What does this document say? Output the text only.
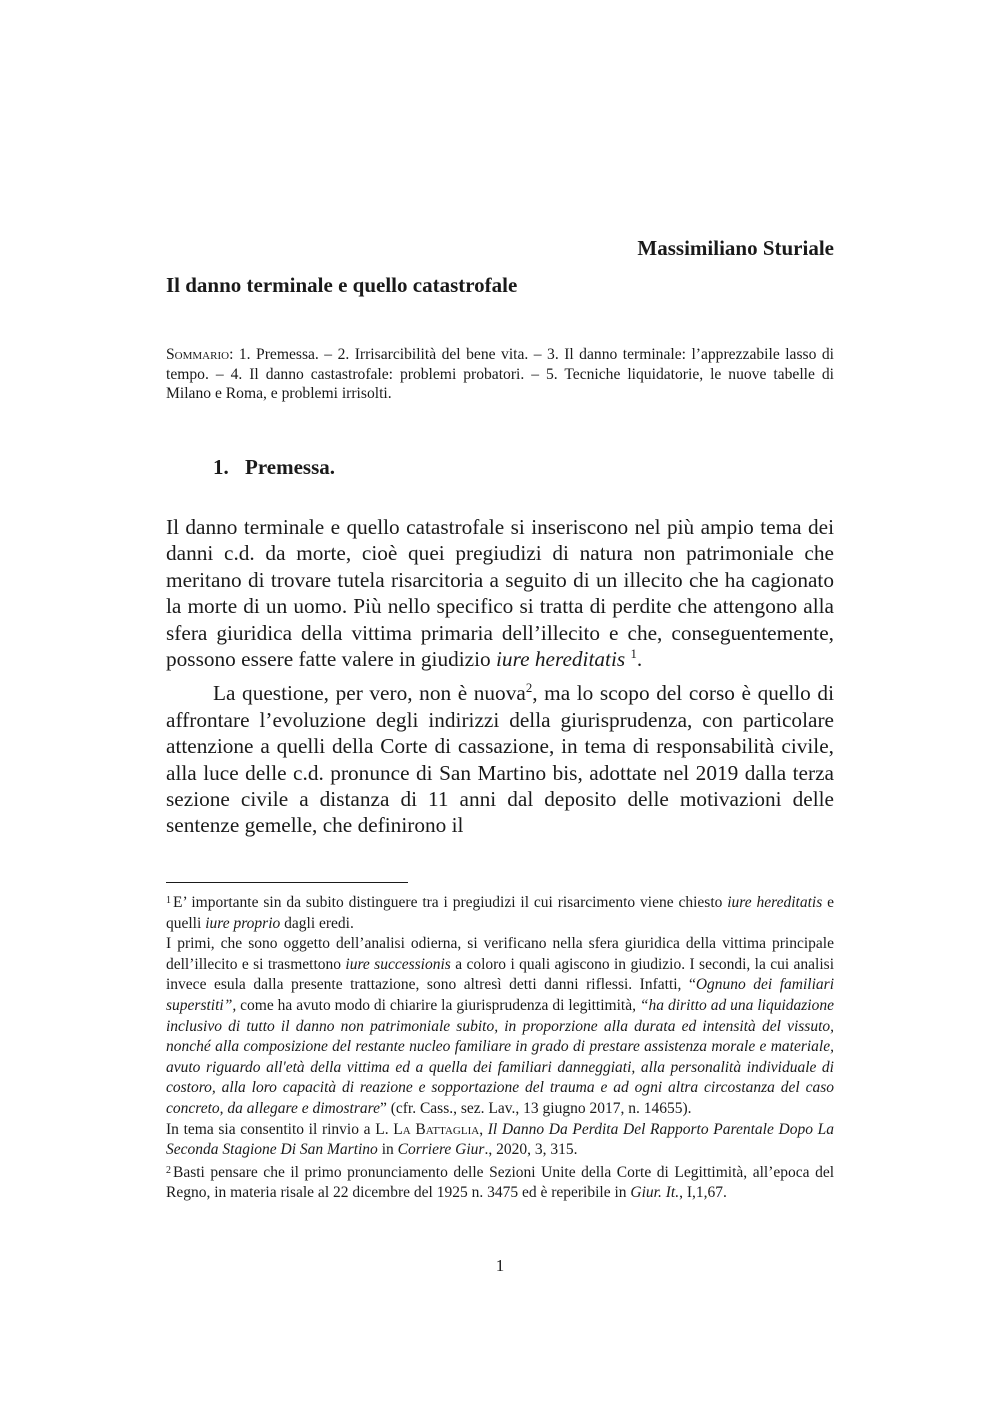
Massimiliano Sturiale
Il danno terminale e quello catastrofale
Sommario: 1. Premessa. – 2. Irrisarcibilità del bene vita. – 3. Il danno terminale: l’apprezzabile lasso di tempo. – 4. Il danno castastrofale: problemi probatori. – 5. Tecniche liquidatorie, le nuove tabelle di Milano e Roma, e problemi irrisolti.
1. Premessa.

Il danno terminale e quello catastrofale si inseriscono nel più ampio tema dei danni c.d. da morte, cioè quei pregiudizi di natura non patrimoniale che meritano di trovare tutela risarcitoria a seguito di un illecito che ha cagionato la morte di un uomo. Più nello specifico si tratta di perdite che attengono alla sfera giuridica della vittima primaria dell’illecito e che, conseguentemente, possono essere fatte valere in giudizio iure hereditatis $^1$.

La questione, per vero, non è nuova$^2$, ma lo scopo del corso è quello di affrontare l’evoluzione degli indirizzi della giurisprudenza, con particolare attenzione a quelli della Corte di cassazione, in tema di responsabilità civile, alla luce delle c.d. pronunce di San Martino bis, adottate nel 2019 dalla terza sezione civile a distanza di 11 anni dal deposito delle motivazioni delle sentenze gemelle, che definirono il

$^1$ E’ importante sin da subito distinguere tra i pregiudizi il cui risarcimento viene chiesto iure hereditatis e quelli iure proprio dagli eredi.

I primi, che sono oggetto dell’analisi odierna, si verificano nella sfera giuridica della vittima principale dell’illecito e si trasmettono iure successionis a coloro i quali agiscono in giudizio. I secondi, la cui analisi invece esula dalla presente trattazione, sono altresì detti danni riflessi. Infatti, “Ognuno dei familiari superstiti”, come ha avuto modo di chiarire la giurisprudenza di legittimità, “ha diritto ad una liquidazione inclusivo di tutto il danno non patrimoniale subito, in proporzione alla durata ed intensità del vissuto, nonché alla composizione del restante nucleo familiare in grado di prestare assistenza morale e materiale, avuto riguardo all'età della vittima ed a quella dei familiari danneggiati, alla personalità individuale di costoro, alla loro capacità di reazione e sopportazione del trauma e ad ogni altra circostanza del caso concreto, da allegare e dimostrare” (cfr. Cass., sez. Lav., 13 giugno 2017, n. 14655).

In tema sia consentito il rinvio a L. La Battaglia, Il Danno Da Perdita Del Rapporto Parentale Dopo La Seconda Stagione Di San Martino in Corriere Giur., 2020, 3, 315.

$^2$ Basti pensare che il primo pronunciamento delle Sezioni Unite della Corte di Legittimità, all’epoca del Regno, in materia risale al 22 dicembre del 1925 n. 3475 ed è reperibile in Giur. It., I,1,67.

1
